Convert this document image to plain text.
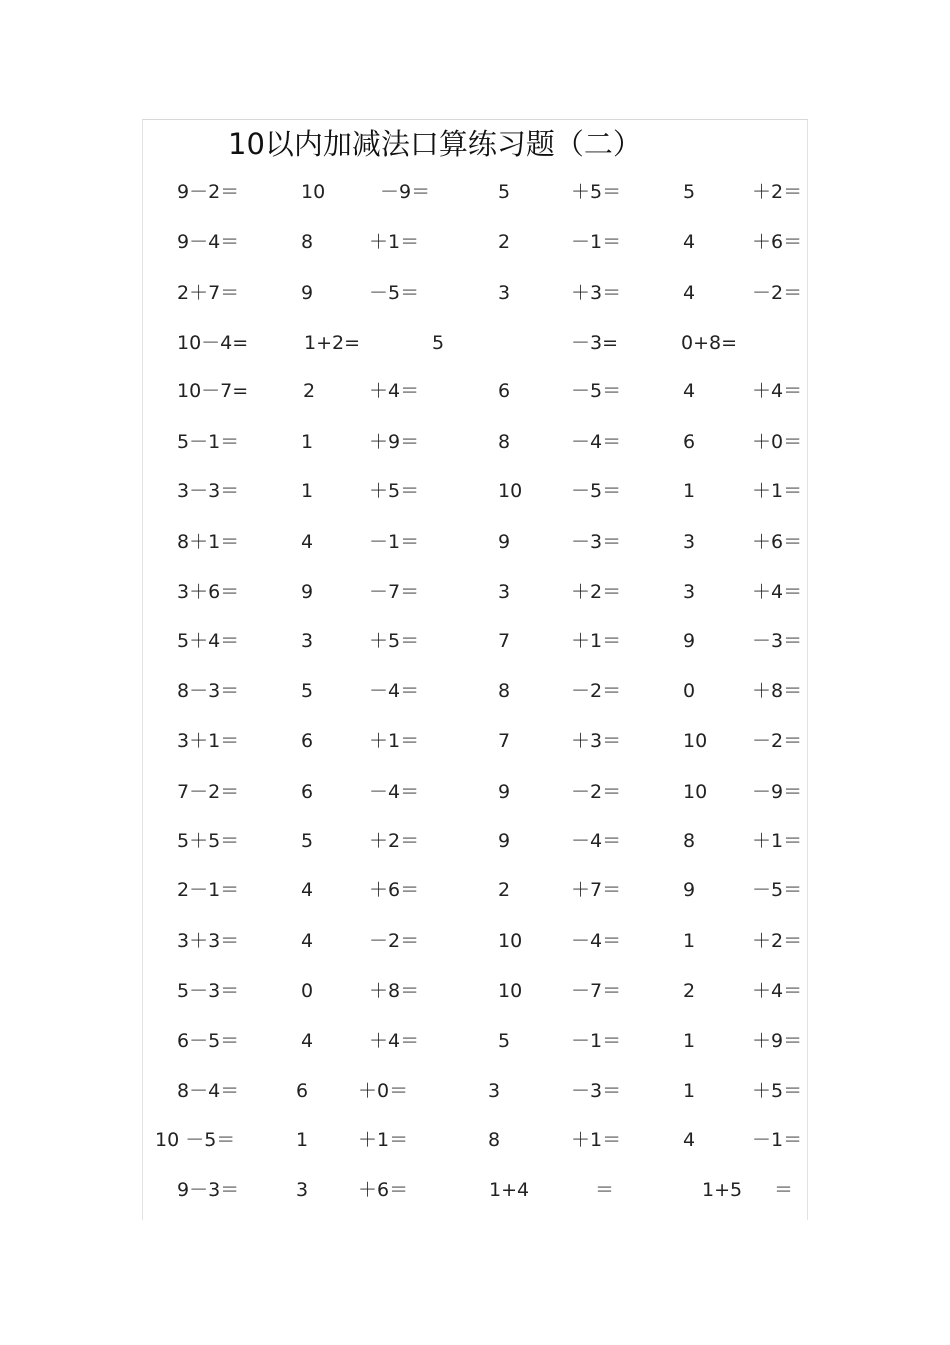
10以内加减法口算练习题（二）
9－2＝	10	－9＝	5	＋5＝	5	＋2＝
9－4＝	8	＋1＝	2	－1＝	4	＋6＝
2＋7＝	9	－5＝	3	＋3＝	4	－2＝
10－4=	1+2=	5	－3=	0+8=
10－7=	2	＋4＝	6	－5＝	4	＋4＝
5－1＝	1	＋9＝	8	－4＝	6	＋0＝
3－3＝	1	＋5＝	10	－5＝	1	＋1＝
8＋1＝	4	－1＝	9	－3＝	3	＋6＝
3＋6＝	9	－7＝	3	＋2＝	3	＋4＝
5＋4＝	3	＋5＝	7	＋1＝	9	－3＝
8－3＝	5	－4＝	8	－2＝	0	＋8＝
3＋1＝	6	＋1＝	7	＋3＝	10 －2＝
7－2＝	6	－4＝	9	－2＝	10 －9＝
5＋5＝	5	＋2＝	9	－4＝	8	＋1＝
2－1＝	4	＋6＝	2	＋7＝	9	－5＝
3＋3＝	4	－2＝	10	－4＝	1	＋2＝
5－3＝	0	＋8＝	10	－7＝	2	＋4＝
6－5＝	4	＋4＝	5	－1＝	1	＋9＝
8－4＝	6	＋0＝	3	－3＝	1	＋5＝
10 －5＝	1	＋1＝	8	＋1＝	4	－1＝
9－3＝	3	＋6＝	1+4	＝	1+5 ＝
